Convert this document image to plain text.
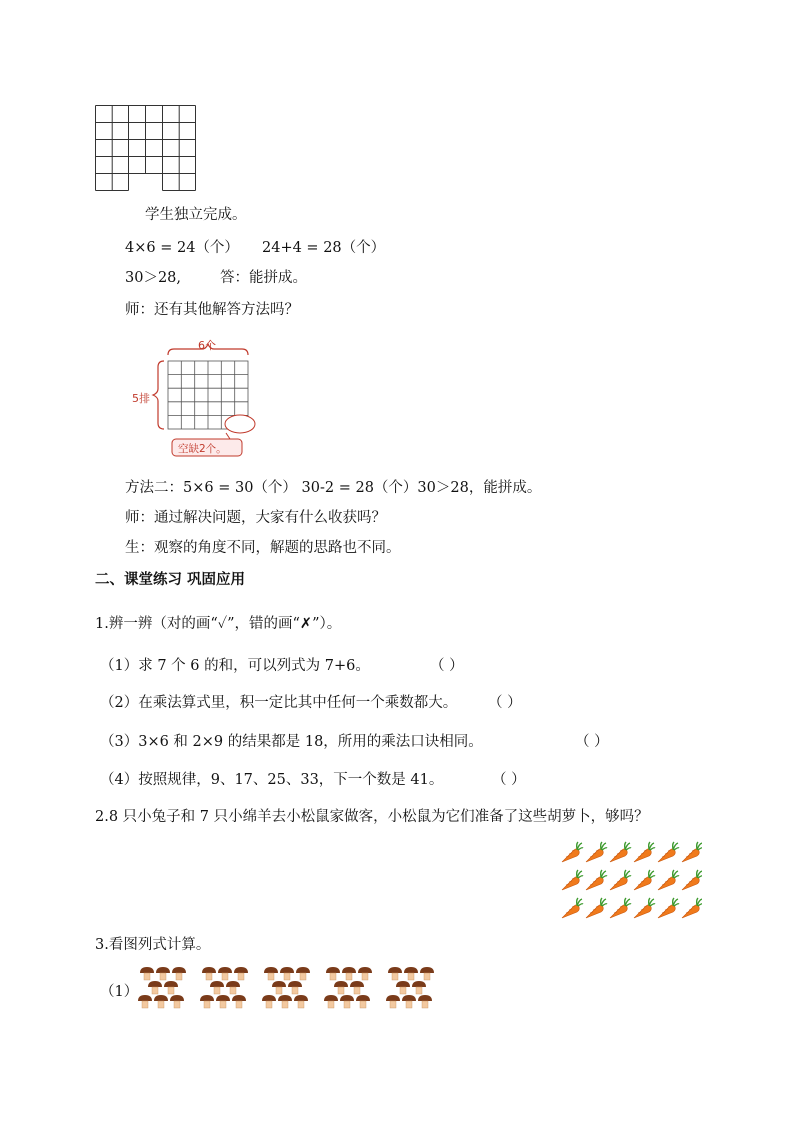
学生独立完成。
4×6 = 24（个） 24+4 = 28（个）
30＞28,	答：能拼成。
师：还有其他解答方法吗？
6个
5排
空缺2个。
方法二：5×6 = 30（个） 30-2 = 28（个）30＞28，能拼成。
师：通过解决问题，大家有什么收获吗？
生：观察的角度不同，解题的思路也不同。
二、课堂练习 巩固应用
1.辨一辨（对的画“✓”，错的画“✗”）。
（1）求 7 个 6 的和，可以列式为 7+6。	（ ）
（2）在乘法算式里，积一定比其中任何一个乘数都大。 （ ）
（3）3×6 和 2×9 的结果都是 18，所用的乘法口诀相同。	（ ）
（4）按照规律，9、17、25、33，下一个数是 41。	（ ）
2.8 只小兔子和 7 只小绵羊去小松鼠家做客，小松鼠为它们准备了这些胡萝卜，够吗？
3.看图列式计算。
（1）
